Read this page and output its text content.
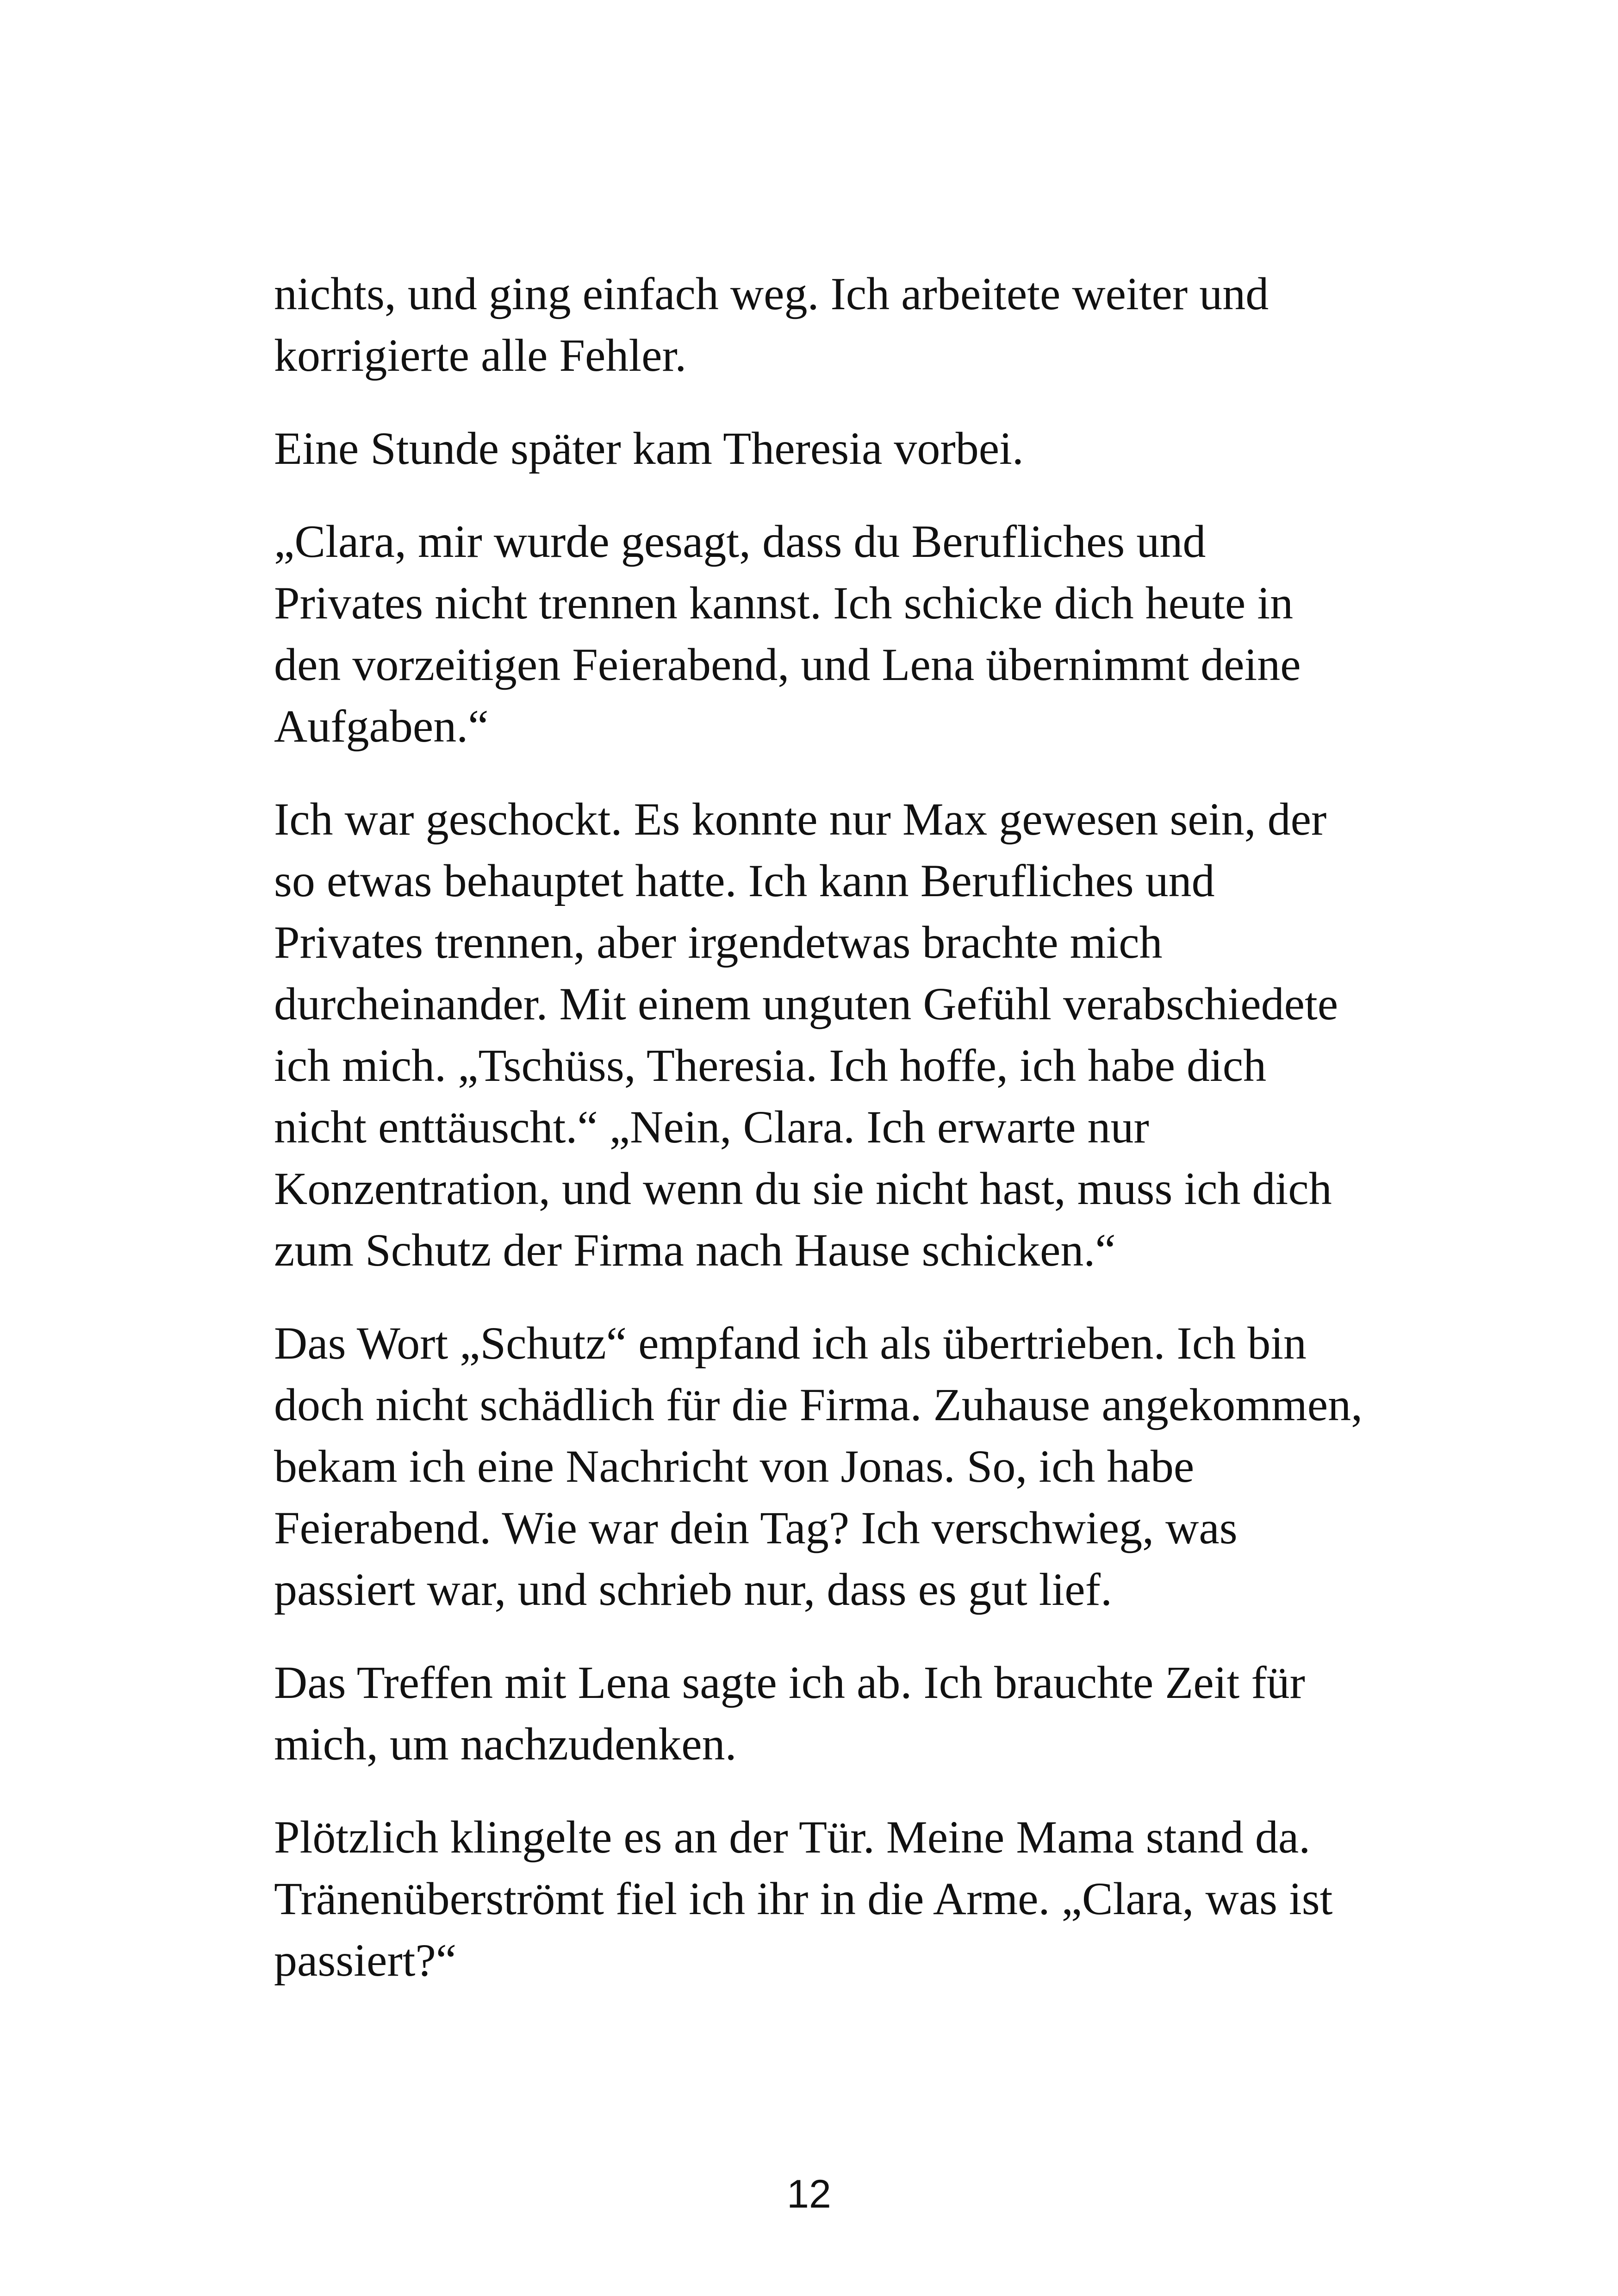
nichts, und ging einfach weg. Ich arbeitete weiter und korrigierte alle Fehler.

Eine Stunde später kam Theresia vorbei.

„Clara, mir wurde gesagt, dass du Berufliches und Privates nicht trennen kannst. Ich schicke dich heute in den vorzeitigen Feierabend, und Lena übernimmt deine Aufgaben.“

Ich war geschockt. Es konnte nur Max gewesen sein, der so etwas behauptet hatte. Ich kann Berufliches und Privates trennen, aber irgendetwas brachte mich durcheinander. Mit einem unguten Gefühl verabschiedete ich mich. „Tschüss, Theresia. Ich hoffe, ich habe dich nicht enttäuscht.“ „Nein, Clara. Ich erwarte nur Konzentration, und wenn du sie nicht hast, muss ich dich zum Schutz der Firma nach Hause schicken.“

Das Wort „Schutz“ empfand ich als übertrieben. Ich bin doch nicht schädlich für die Firma. Zuhause angekommen, bekam ich eine Nachricht von Jonas. So, ich habe Feierabend. Wie war dein Tag? Ich verschwieg, was passiert war, und schrieb nur, dass es gut lief.

Das Treffen mit Lena sagte ich ab. Ich brauchte Zeit für mich, um nachzudenken.

Plötzlich klingelte es an der Tür. Meine Mama stand da. Tränenüberströmt fiel ich ihr in die Arme. „Clara, was ist passiert?“

12
